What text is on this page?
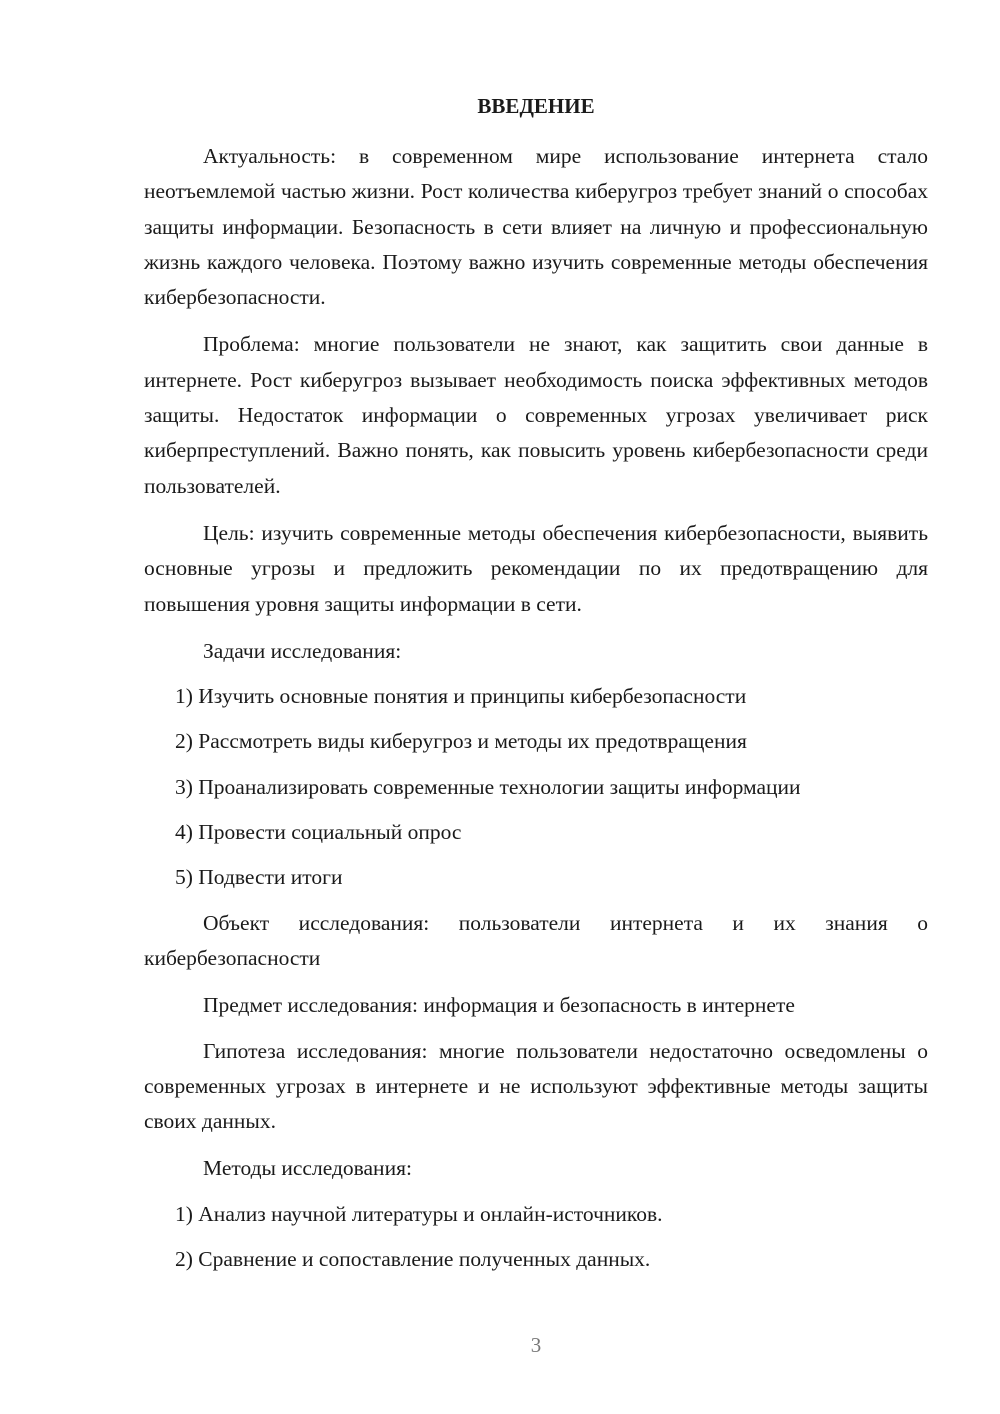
ВВЕДЕНИЕ

Актуальность: в современном мире использование интернета стало неотъемлемой частью жизни. Рост количества киберугроз требует знаний о способах защиты информации. Безопасность в сети влияет на личную и профессиональную жизнь каждого человека. Поэтому важно изучить современные методы обеспечения кибербезопасности.

Проблема: многие пользователи не знают, как защитить свои данные в интернете. Рост киберугроз вызывает необходимость поиска эффективных методов защиты. Недостаток информации о современных угрозах увеличивает риск киберпреступлений. Важно понять, как повысить уровень кибербезопасности среди пользователей.

Цель: изучить современные методы обеспечения кибербезопасности, выявить основные угрозы и предложить рекомендации по их предотвращению для повышения уровня защиты информации в сети.

Задачи исследования:

1) Изучить основные понятия и принципы кибербезопасности
2) Рассмотреть виды киберугроз и методы их предотвращения
3) Проанализировать современные технологии защиты информации
4) Провести социальный опрос
5) Подвести итоги

Объект исследования: пользователи интернета и их знания о кибербезопасности

Предмет исследования: информация и безопасность в интернете

Гипотеза исследования: многие пользователи недостаточно осведомлены о современных угрозах в интернете и не используют эффективные методы защиты своих данных.

Методы исследования:

1) Анализ научной литературы и онлайн-источников.
2) Сравнение и сопоставление полученных данных.
3
